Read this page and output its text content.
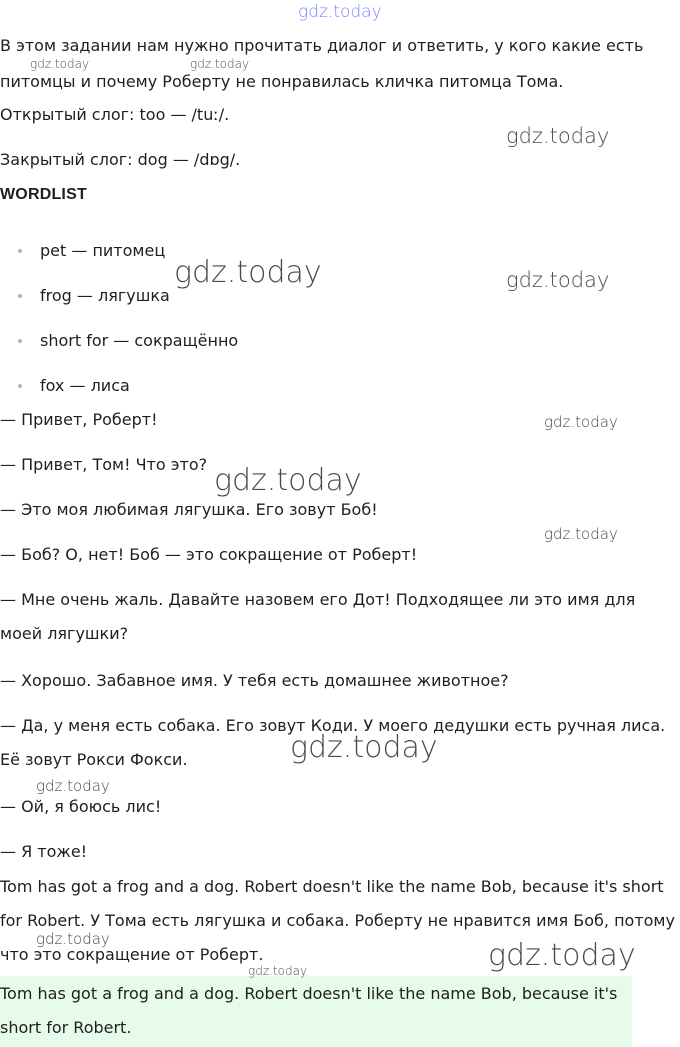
gdz.today
В этом задании нам нужно прочитать диалог и ответить, у кого какие есть питомцы и почему Роберту не понравилась кличка питомца Тома.
Открытый слог: too — /tuː/.
Закрытый слог: dog — /dɒg/.
WORDLIST
pet — питомец
frog — лягушка
short for — сокращённо
fox — лиса
— Привет, Роберт!
— Привет, Том! Что это?
— Это моя любимая лягушка. Его зовут Боб!
— Боб? О, нет! Боб — это сокращение от Роберт!
— Мне очень жаль. Давайте назовем его Дот! Подходящее ли это имя для моей лягушки?
— Хорошо. Забавное имя. У тебя есть домашнее животное?
— Да, у меня есть собака. Его зовут Коди. У моего дедушки есть ручная лиса. Её зовут Рокси Фокси.
— Ой, я боюсь лис!
— Я тоже!
Tom has got a frog and a dog. Robert doesn't like the name Bob, because it's short for Robert. У Тома есть лягушка и собака. Роберту не нравится имя Боб, потому что это сокращение от Роберт.
Tom has got a frog and a dog. Robert doesn't like the name Bob, because it's short for Robert.
gdz.today	gdz.today
gdz.today
gdz.today	gdz.today
gdz.today
gdz.today
gdz.today
gdz.today
gdz.today
gdz.today	gdz.today
gdz.today
